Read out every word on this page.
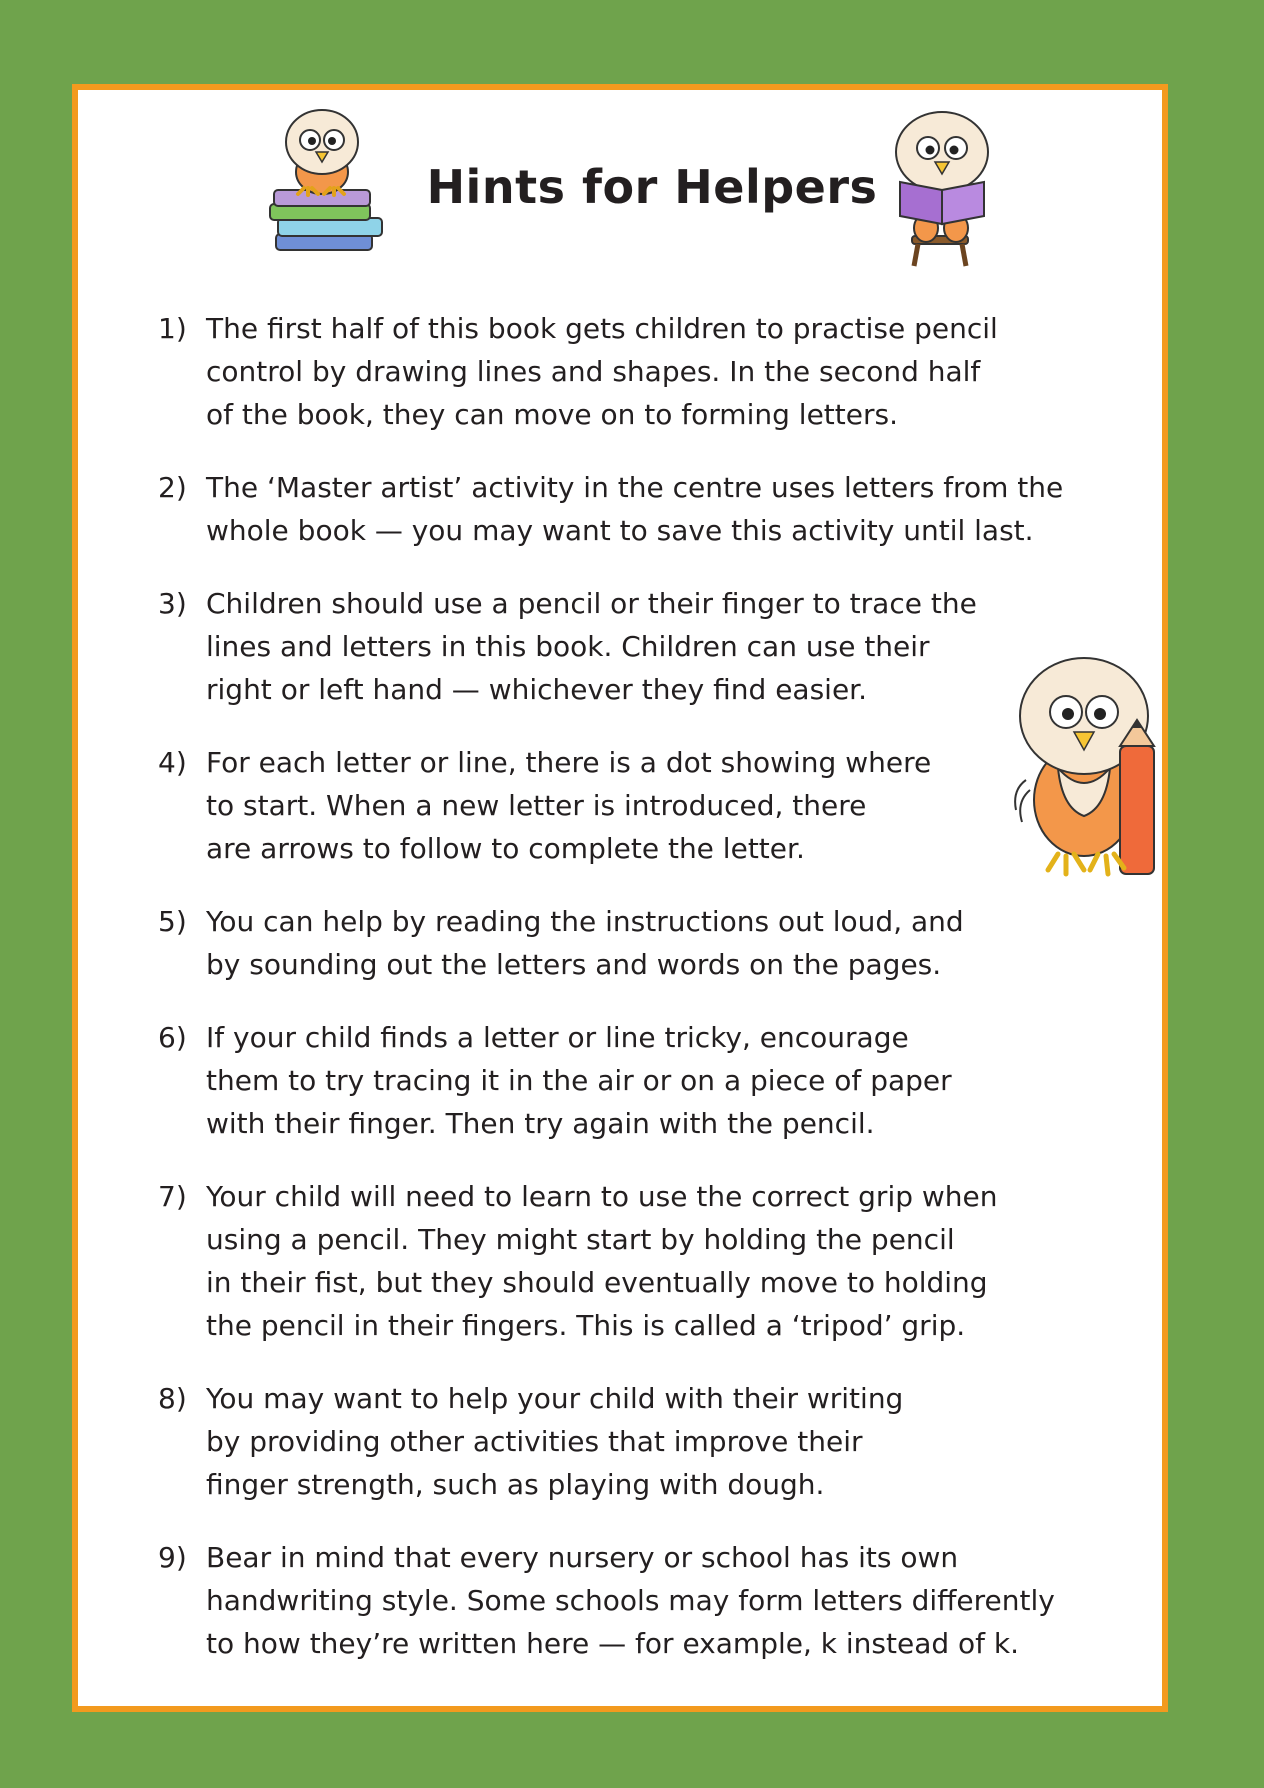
Hints for Helpers
1) The first half of this book gets children to practise pencil
control by drawing lines and shapes. In the second half
of the book, they can move on to forming letters.
2) The ‘Master artist’ activity in the centre uses letters from the
whole book — you may want to save this activity until last.
3) Children should use a pencil or their finger to trace the
lines and letters in this book. Children can use their
right or left hand — whichever they find easier.
4) For each letter or line, there is a dot showing where
to start. When a new letter is introduced, there
are arrows to follow to complete the letter.
5) You can help by reading the instructions out loud, and
by sounding out the letters and words on the pages.
6) If your child finds a letter or line tricky, encourage
them to try tracing it in the air or on a piece of paper
with their finger. Then try again with the pencil.
7) Your child will need to learn to use the correct grip when
using a pencil. They might start by holding the pencil
in their fist, but they should eventually move to holding
the pencil in their fingers. This is called a ‘tripod’ grip.
8) You may want to help your child with their writing
by providing other activities that improve their
finger strength, such as playing with dough.
9) Bear in mind that every nursery or school has its own
handwriting style. Some schools may form letters differently
to how they’re written here — for example, k instead of k.
